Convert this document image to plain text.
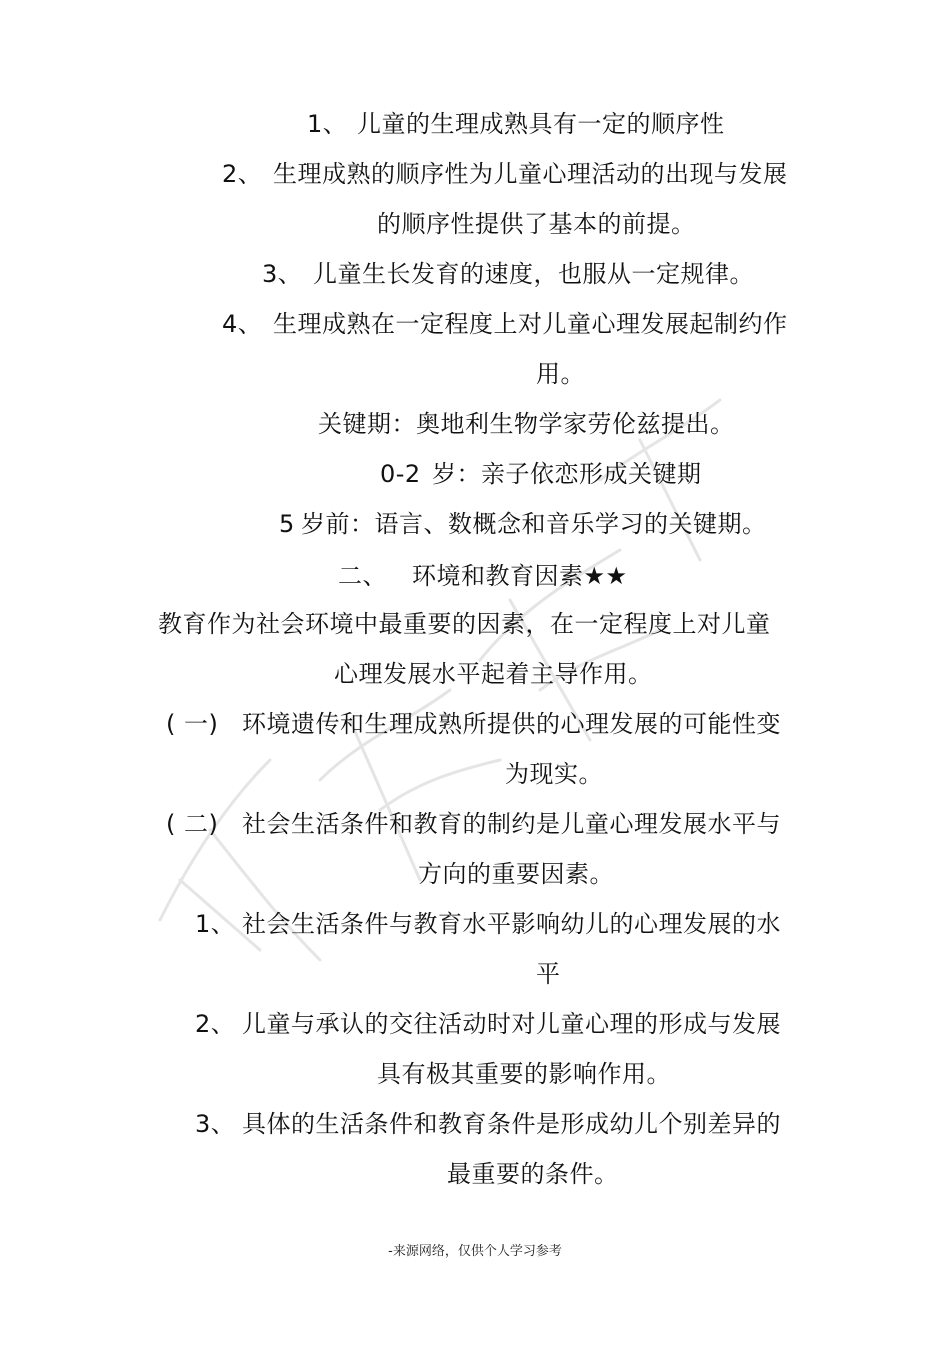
1、 儿童的生理成熟具有一定的顺序性
2、 生理成熟的顺序性为儿童心理活动的出现与发展
的顺序性提供了基本的前提。
3、 儿童生长发育的速度，也服从一定规律。
4、 生理成熟在一定程度上对儿童心理发展起制约作
用。
关键期：奥地利生物学家劳伦兹提出。
0-2 岁：亲子依恋形成关键期
5 岁前：语言、数概念和音乐学习的关键期。
二、 环境和教育因素★★
教育作为社会环境中最重要的因素，在一定程度上对儿童
心理发展水平起着主导作用。
( 一) 环境遗传和生理成熟所提供的心理发展的可能性变
为现实。
( 二) 社会生活条件和教育的制约是儿童心理发展水平与
方向的重要因素。
1、 社会生活条件与教育水平影响幼儿的心理发展的水
平
2、 儿童与承认的交往活动时对儿童心理的形成与发展
具有极其重要的影响作用。
3、 具体的生活条件和教育条件是形成幼儿个别差异的
最重要的条件。
-来源网络，仅供个人学习参考
